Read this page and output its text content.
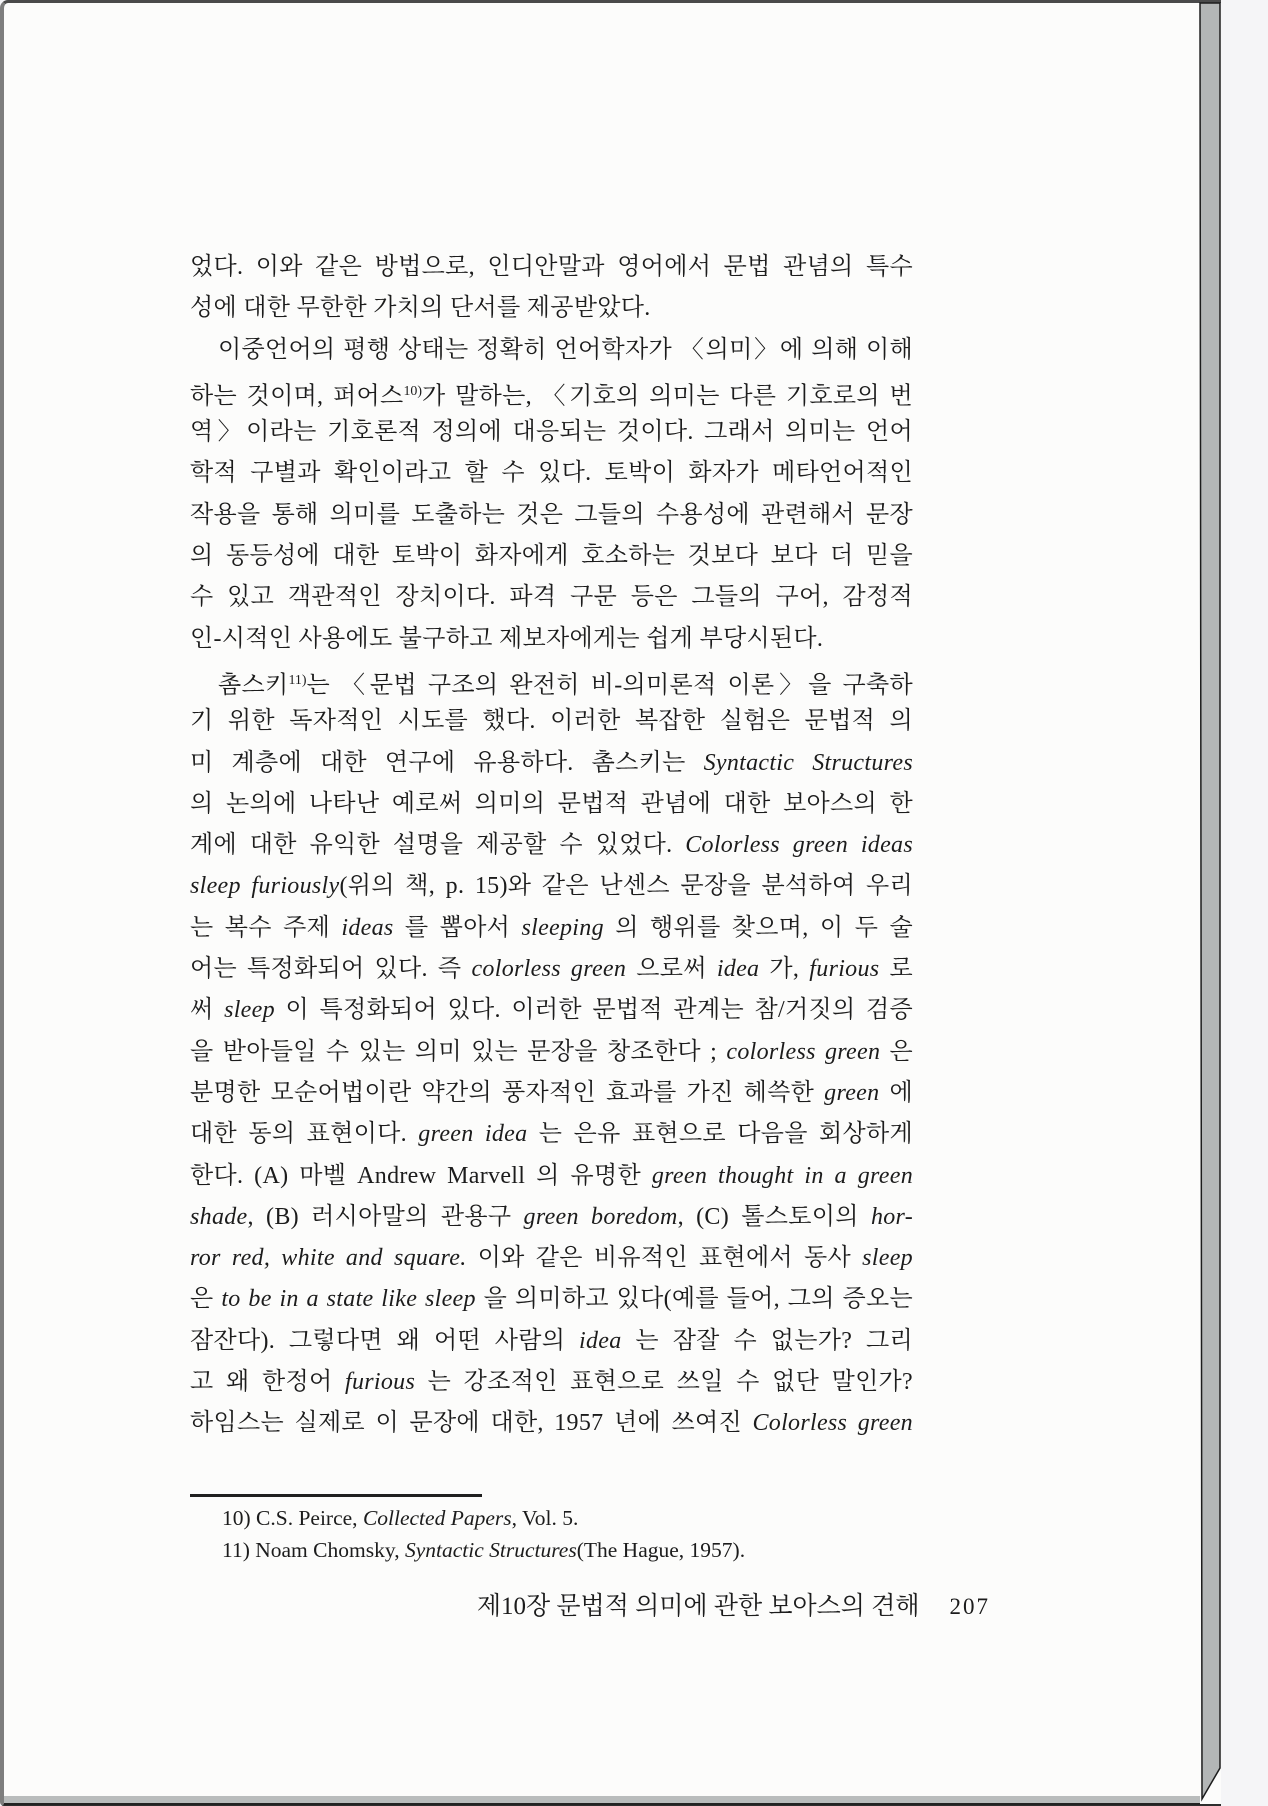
었다. 이와 같은 방법으로, 인디안말과 영어에서 문법 관념의 특수
성에 대한 무한한 가치의 단서를 제공받았다.
이중언어의 평행 상태는 정확히 언어학자가 〈의미〉에 의해 이해
하는 것이며, 퍼어스$^{10)}$가 말하는, 〈기호의 의미는 다른 기호로의 번
역〉이라는 기호론적 정의에 대응되는 것이다. 그래서 의미는 언어
학적 구별과 확인이라고 할 수 있다. 토박이 화자가 메타언어적인
작용을 통해 의미를 도출하는 것은 그들의 수용성에 관련해서 문장
의 동등성에 대한 토박이 화자에게 호소하는 것보다 보다 더 믿을
수 있고 객관적인 장치이다. 파격 구문 등은 그들의 구어, 감정적
인-시적인 사용에도 불구하고 제보자에게는 쉽게 부당시된다.
촘스키$^{11)}$는 〈문법 구조의 완전히 비-의미론적 이론〉을 구축하
기 위한 독자적인 시도를 했다. 이러한 복잡한 실험은 문법적 의
미 계층에 대한 연구에 유용하다. 촘스키는 Syntactic Structures
의 논의에 나타난 예로써 의미의 문법적 관념에 대한 보아스의 한
계에 대한 유익한 설명을 제공할 수 있었다. Colorless green ideas
sleep furiously(위의 책, p. 15)와 같은 난센스 문장을 분석하여 우리
는 복수 주제 ideas 를 뽑아서 sleeping 의 행위를 찾으며, 이 두 술
어는 특정화되어 있다. 즉 colorless green 으로써 idea 가, furious 로
써 sleep 이 특정화되어 있다. 이러한 문법적 관계는 참/거짓의 검증
을 받아들일 수 있는 의미 있는 문장을 창조한다 ; colorless green 은
분명한 모순어법이란 약간의 풍자적인 효과를 가진 헤쓱한 green 에
대한 동의 표현이다. green idea 는 은유 표현으로 다음을 회상하게
한다. (A) 마벨 Andrew Marvell 의 유명한 green thought in a green
shade, (B) 러시아말의 관용구 green boredom, (C) 톨스토이의 hor-
ror red, white and square. 이와 같은 비유적인 표현에서 동사 sleep
은 to be in a state like sleep 을 의미하고 있다(예를 들어, 그의 증오는
잠잔다). 그렇다면 왜 어떤 사람의 idea 는 잠잘 수 없는가? 그리
고 왜 한정어 furious 는 강조적인 표현으로 쓰일 수 없단 말인가?
하임스는 실제로 이 문장에 대한, 1957 년에 쓰여진 Colorless green
10) C.S. Peirce, Collected Papers, Vol. 5.
11) Noam Chomsky, Syntactic Structures(The Hague, 1957).
제10장 문법적 의미에 관한 보아스의 견해 207
